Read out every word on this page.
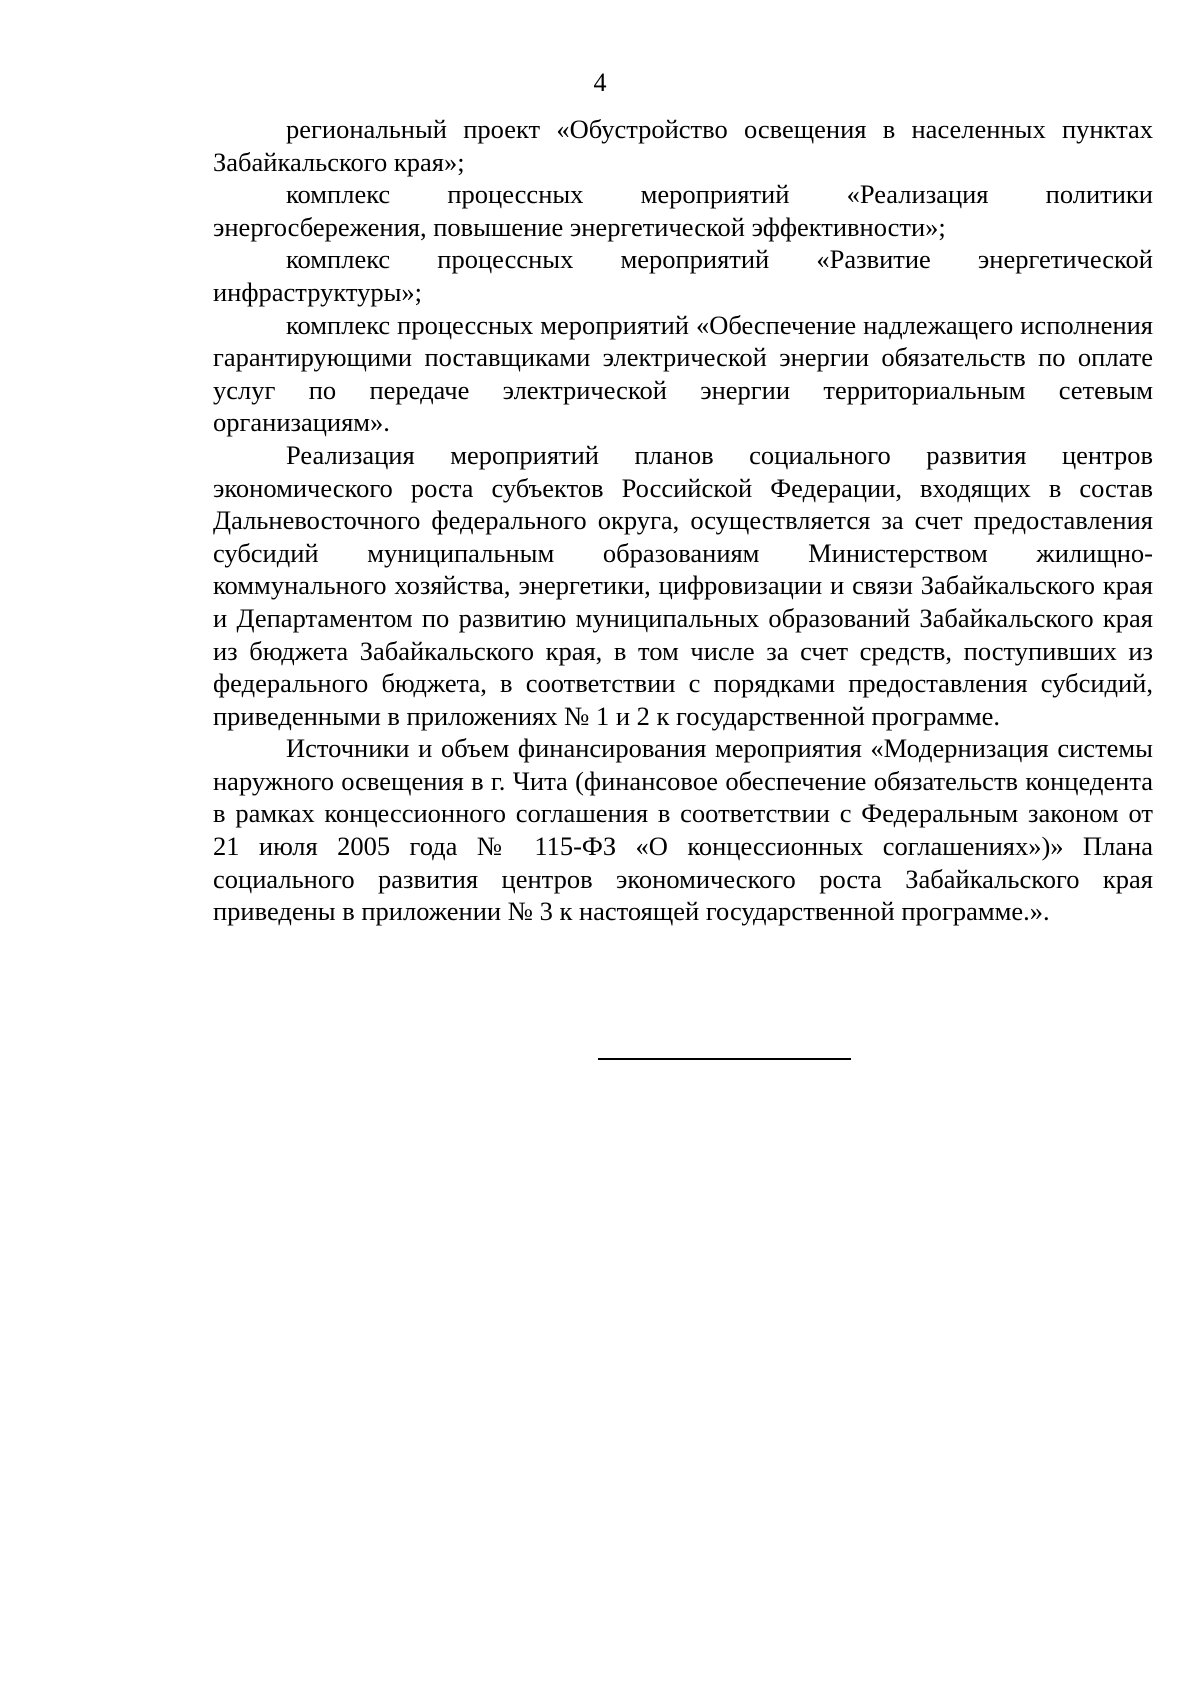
4

региональный проект «Обустройство освещения в населенных пунктах Забайкальского края»;

комплекс процессных мероприятий «Реализация политики энергосбережения, повышение энергетической эффективности»;

комплекс процессных мероприятий «Развитие энергетической инфраструктуры»;

комплекс процессных мероприятий «Обеспечение надлежащего исполнения гарантирующими поставщиками электрической энергии обязательств по оплате услуг по передаче электрической энергии территориальным сетевым организациям».

Реализация мероприятий планов социального развития центров экономического роста субъектов Российской Федерации, входящих в состав Дальневосточного федерального округа, осуществляется за счет предоставления субсидий муниципальным образованиям Министерством жилищно-коммунального хозяйства, энергетики, цифровизации и связи Забайкальского края и Департаментом по развитию муниципальных образований Забайкальского края из бюджета Забайкальского края, в том числе за счет средств, поступивших из федерального бюджета, в соответствии с порядками предоставления субсидий, приведенными в приложениях № 1 и 2 к государственной программе.

Источники и объем финансирования мероприятия «Модернизация системы наружного освещения в г. Чита (финансовое обеспечение обязательств концедента в рамках концессионного соглашения в соответствии с Федеральным законом от 21 июля 2005 года № 115-ФЗ «О концессионных соглашениях»)» Плана социального развития центров экономического роста Забайкальского края приведены в приложении № 3 к настоящей государственной программе.».
